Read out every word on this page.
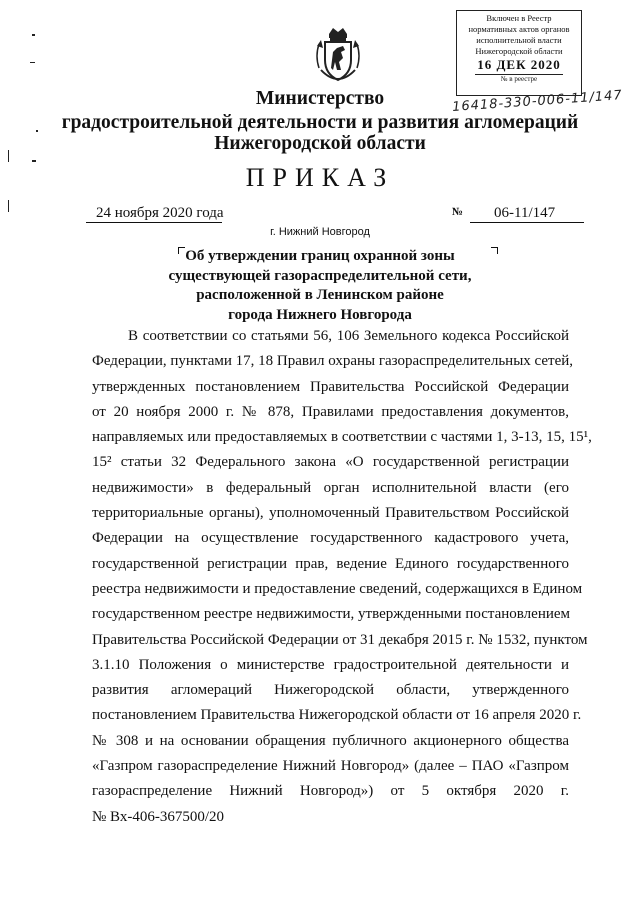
Включен в Реестр
нормативных актов органов
исполнительной власти
Нижегородской области
16 ДЕК 2020
№ в реестре
16418-330-006-11/147
Министерство
градостроительной деятельности и развития агломераций
Нижегородской области
ПРИКАЗ
24 ноября 2020 года	№ 06-11/147
г. Нижний Новгород
Об утверждении границ охранной зоны
существующей газораспределительной сети,
расположенной в Ленинском районе
города Нижнего Новгорода
В соответствии со статьями 56, 106 Земельного кодекса Российской
Федерации, пунктами 17, 18 Правил охраны газораспределительных сетей,
утвержденных постановлением Правительства Российской Федерации
от 20 ноября 2000 г. № 878, Правилами предоставления документов,
направляемых или предоставляемых в соответствии с частями 1, 3-13, 15, 15¹,
15² статьи 32 Федерального закона «О государственной регистрации
недвижимости» в федеральный орган исполнительной власти (его
территориальные органы), уполномоченный Правительством Российской
Федерации на осуществление государственного кадастрового учета,
государственной регистрации прав, ведение Единого государственного
реестра недвижимости и предоставление сведений, содержащихся в Едином
государственном реестре недвижимости, утвержденными постановлением
Правительства Российской Федерации от 31 декабря 2015 г. № 1532, пунктом
3.1.10 Положения о министерстве градостроительной деятельности и
развития агломераций Нижегородской области, утвержденного
постановлением Правительства Нижегородской области от 16 апреля 2020 г.
№ 308 и на основании обращения публичного акционерного общества
«Газпром газораспределение Нижний Новгород» (далее – ПАО «Газпром
газораспределение Нижний Новгород») от 5 октября 2020 г.
№ Вх-406-367500/20
